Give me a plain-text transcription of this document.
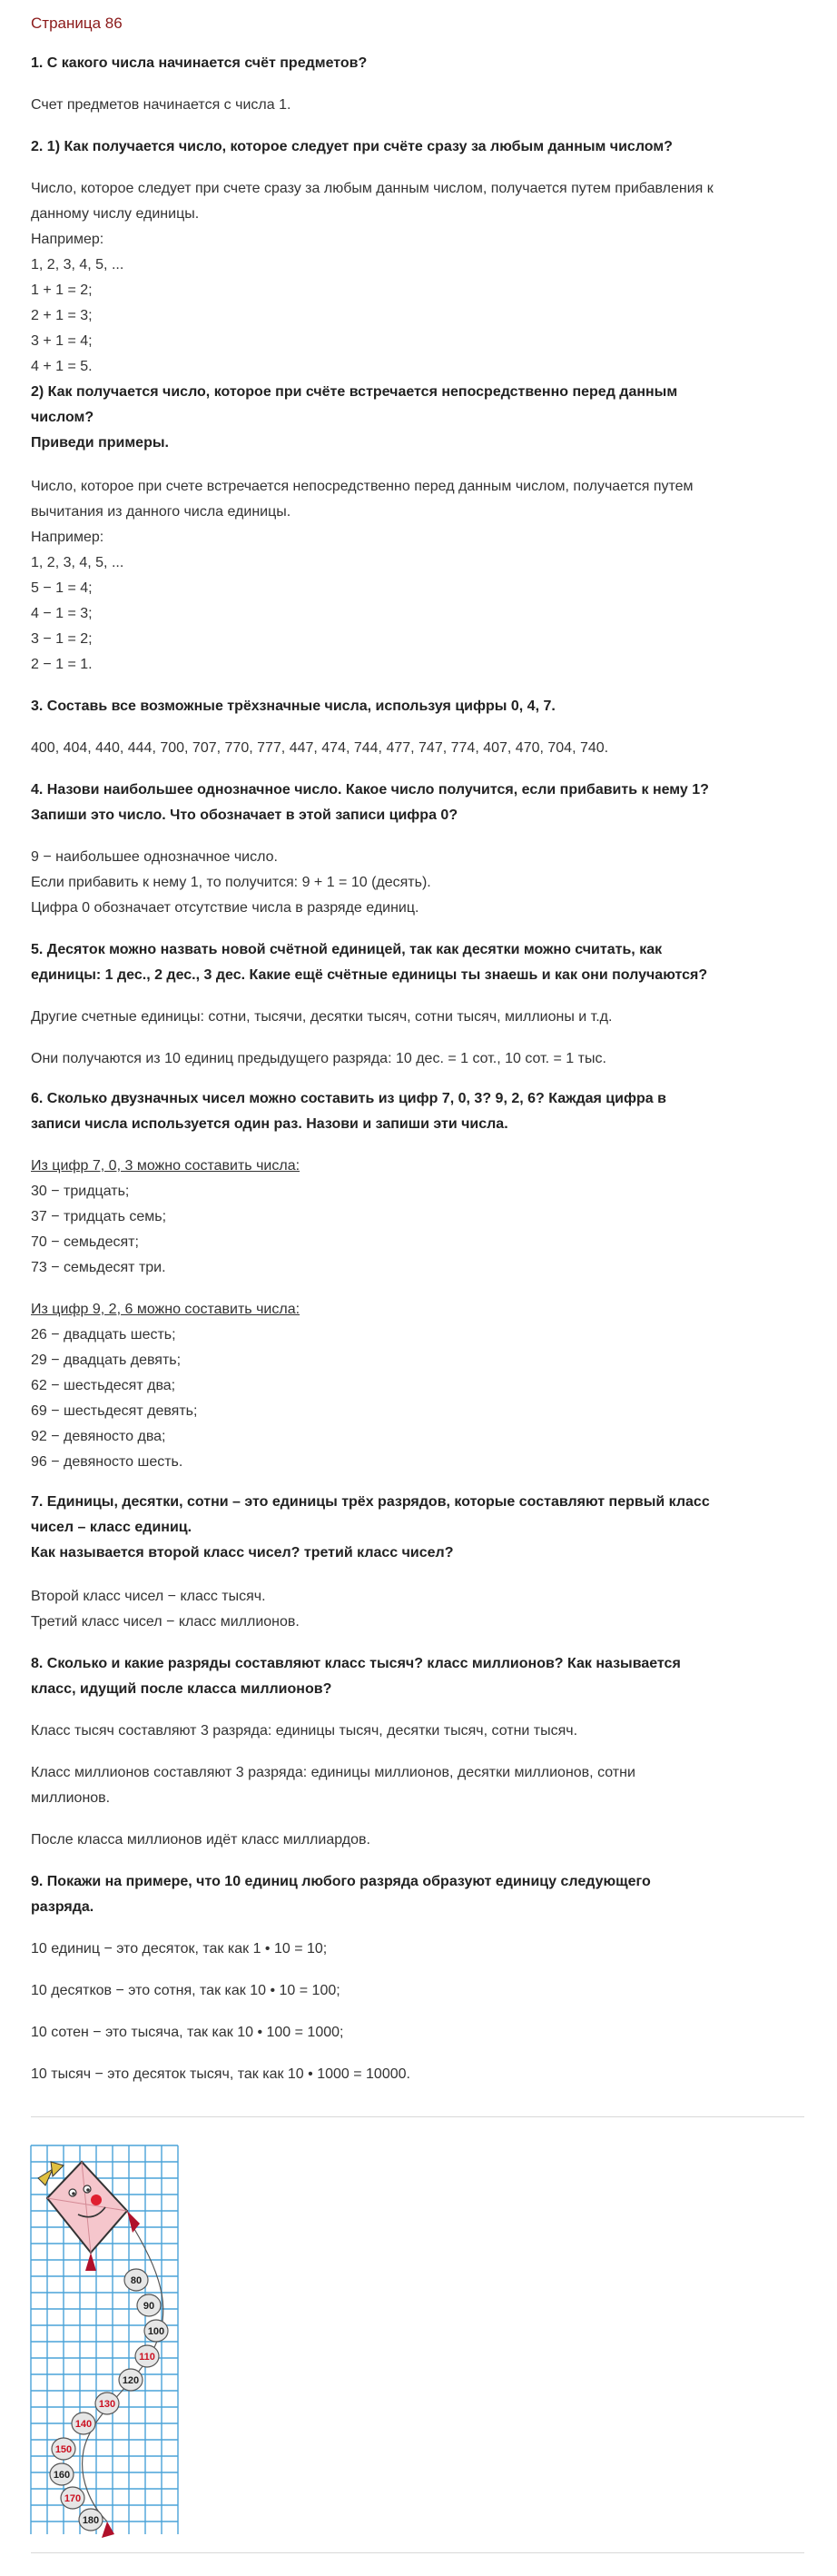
Страница 86

1. С какого числа начинается счёт предметов?

Счет предметов начинается с числа 1.

2. 1) Как получается число, которое следует при счёте сразу за любым данным числом?

Число, которое следует при счете сразу за любым данным числом, получается путем прибавления к
данному числу единицы.
Например:
1, 2, 3, 4, 5, ...
1 + 1 = 2;
2 + 1 = 3;
3 + 1 = 4;
4 + 1 = 5.

2) Как получается число, которое при счёте встречается непосредственно перед данным
числом?
Приведи примеры.

Число, которое при счете встречается непосредственно перед данным числом, получается путем
вычитания из данного числа единицы.
Например:
1, 2, 3, 4, 5, ...
5 − 1 = 4;
4 − 1 = 3;
3 − 1 = 2;
2 − 1 = 1.

3. Составь все возможные трёхзначные числа, используя цифры 0, 4, 7.

400, 404, 440, 444, 700, 707, 770, 777, 447, 474, 744, 477, 747, 774, 407, 470, 704, 740.

4. Назови наибольшее однозначное число. Какое число получится, если прибавить к нему 1?
Запиши это число. Что обозначает в этой записи цифра 0?

9 − наибольшее однозначное число.
Если прибавить к нему 1, то получится: 9 + 1 = 10 (десять).
Цифра 0 обозначает отсутствие числа в разряде единиц.

5. Десяток можно назвать новой счётной единицей, так как десятки можно считать, как
единицы: 1 дес., 2 дес., 3 дес. Какие ещё счётные единицы ты знаешь и как они получаются?

Другие счетные единицы: сотни, тысячи, десятки тысяч, сотни тысяч, миллионы и т.д.

Они получаются из 10 единиц предыдущего разряда: 10 дес. = 1 сот., 10 сот. = 1 тыс.

6. Сколько двузначных чисел можно составить из цифр 7, 0, 3? 9, 2, 6? Каждая цифра в
записи числа используется один раз. Назови и запиши эти числа.

Из цифр 7, 0, 3 можно составить числа:
30 − тридцать;
37 − тридцать семь;
70 − семьдесят;
73 − семьдесят три.

Из цифр 9, 2, 6 можно составить числа:
26 − двадцать шесть;
29 − двадцать девять;
62 − шестьдесят два;
69 − шестьдесят девять;
92 − девяносто два;
96 − девяносто шесть.

7. Единицы, десятки, сотни – это единицы трёх разрядов, которые составляют первый класс
чисел – класс единиц.
Как называется второй класс чисел? третий класс чисел?

Второй класс чисел − класс тысяч.
Третий класс чисел − класс миллионов.

8. Сколько и какие разряды составляют класс тысяч? класс миллионов? Как называется
класс, идущий после класса миллионов?

Класс тысяч составляют 3 разряда: единицы тысяч, десятки тысяч, сотни тысяч.

Класс миллионов составляют 3 разряда: единицы миллионов, десятки миллионов, сотни
миллионов.

После класса миллионов идёт класс миллиардов.

9. Покажи на примере, что 10 единиц любого разряда образуют единицу следующего
разряда.

10 единиц − это десяток, так как 1 • 10 = 10;

10 десятков − это сотня, так как 10 • 10 = 100;

10 сотен − это тысяча, так как 10 • 100 = 1000;

10 тысяч − это десяток тысяч, так как 10 • 1000 = 10000.

80
90
100
110
120
130
140
150
160
170
180
